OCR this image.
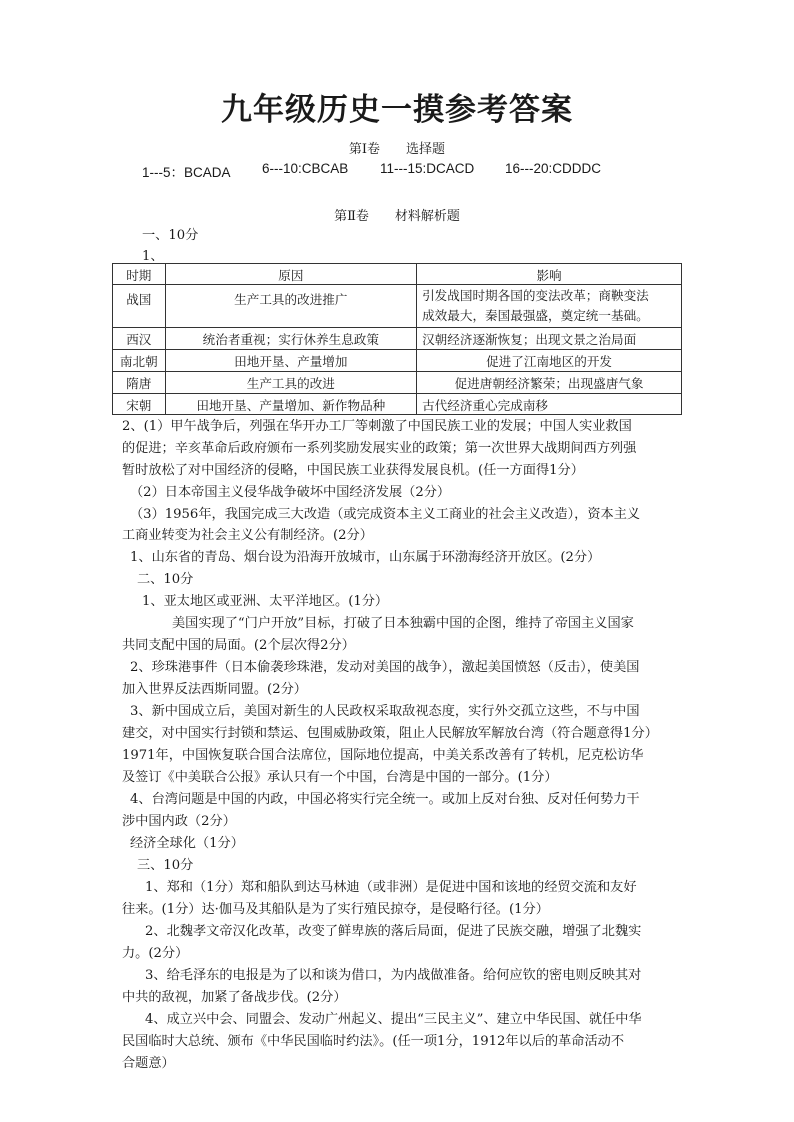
九年级历史一摸参考答案
第Ⅰ卷　　选择题
1---5：BCADA 6---10:CBCAB 11---15:DCACD 16---20:CDDDC
第Ⅱ卷　　材料解析题
一、10分
1、
时期	原因	影响
战国	生产工具的改进推广	引发战国时期各国的变法改革；商鞅变法
成效最大，秦国最强盛，奠定统一基础。

西汉	统治者重视；实行休养生息政策	汉朝经济逐渐恢复；出现文景之治局面
南北朝	田地开垦、产量增加	促进了江南地区的开发
隋唐	生产工具的改进	促进唐朝经济繁荣；出现盛唐气象
宋朝	田地开垦、产量增加、新作物品种	古代经济重心完成南移
2、(1）甲午战争后，列强在华开办工厂等刺激了中国民族工业的发展；中国人实业救国
的促进；辛亥革命后政府颁布一系列奖励发展实业的政策；第一次世界大战期间西方列强
暂时放松了对中国经济的侵略，中国民族工业获得发展良机。(任一方面得1分）
（2）日本帝国主义侵华战争破坏中国经济发展（2分）
（3）1956年，我国完成三大改造（或完成资本主义工商业的社会主义改造），资本主义
工商业转变为社会主义公有制经济。(2分）
1、山东省的青岛、烟台设为沿海开放城市，山东属于环渤海经济开放区。(2分）
二、10分
1、亚太地区或亚洲、太平洋地区。(1分）
美国实现了“门户开放”目标，打破了日本独霸中国的企图，维持了帝国主义国家
共同支配中国的局面。(2个层次得2分）
2、珍珠港事件（日本偷袭珍珠港，发动对美国的战争），激起美国愤怒（反击），使美国
加入世界反法西斯同盟。(2分）
3、新中国成立后，美国对新生的人民政权采取敌视态度，实行外交孤立这些，不与中国
建交，对中国实行封锁和禁运、包围威胁政策，阻止人民解放军解放台湾（符合题意得1分）
1971年，中国恢复联合国合法席位，国际地位提高，中美关系改善有了转机，尼克松访华
及签订《中美联合公报》承认只有一个中国，台湾是中国的一部分。(1分）
4、台湾问题是中国的内政，中国必将实行完全统一。或加上反对台独、反对任何势力干
涉中国内政（2分）
经济全球化（1分）
三、10分
1、郑和（1分）郑和船队到达马林迪（或非洲）是促进中国和该地的经贸交流和友好
往来。(1分）达·伽马及其船队是为了实行殖民掠夺，是侵略行径。(1分）
2、北魏孝文帝汉化改革，改变了鲜卑族的落后局面，促进了民族交融，增强了北魏实
力。(2分）
3、给毛泽东的电报是为了以和谈为借口，为内战做准备。给何应钦的密电则反映其对
中共的敌视，加紧了备战步伐。(2分）
4、成立兴中会、同盟会、发动广州起义、提出“三民主义”、建立中华民国、就任中华
民国临时大总统、颁布《中华民国临时约法》。(任一项1分，1912年以后的革命活动不
合题意）
